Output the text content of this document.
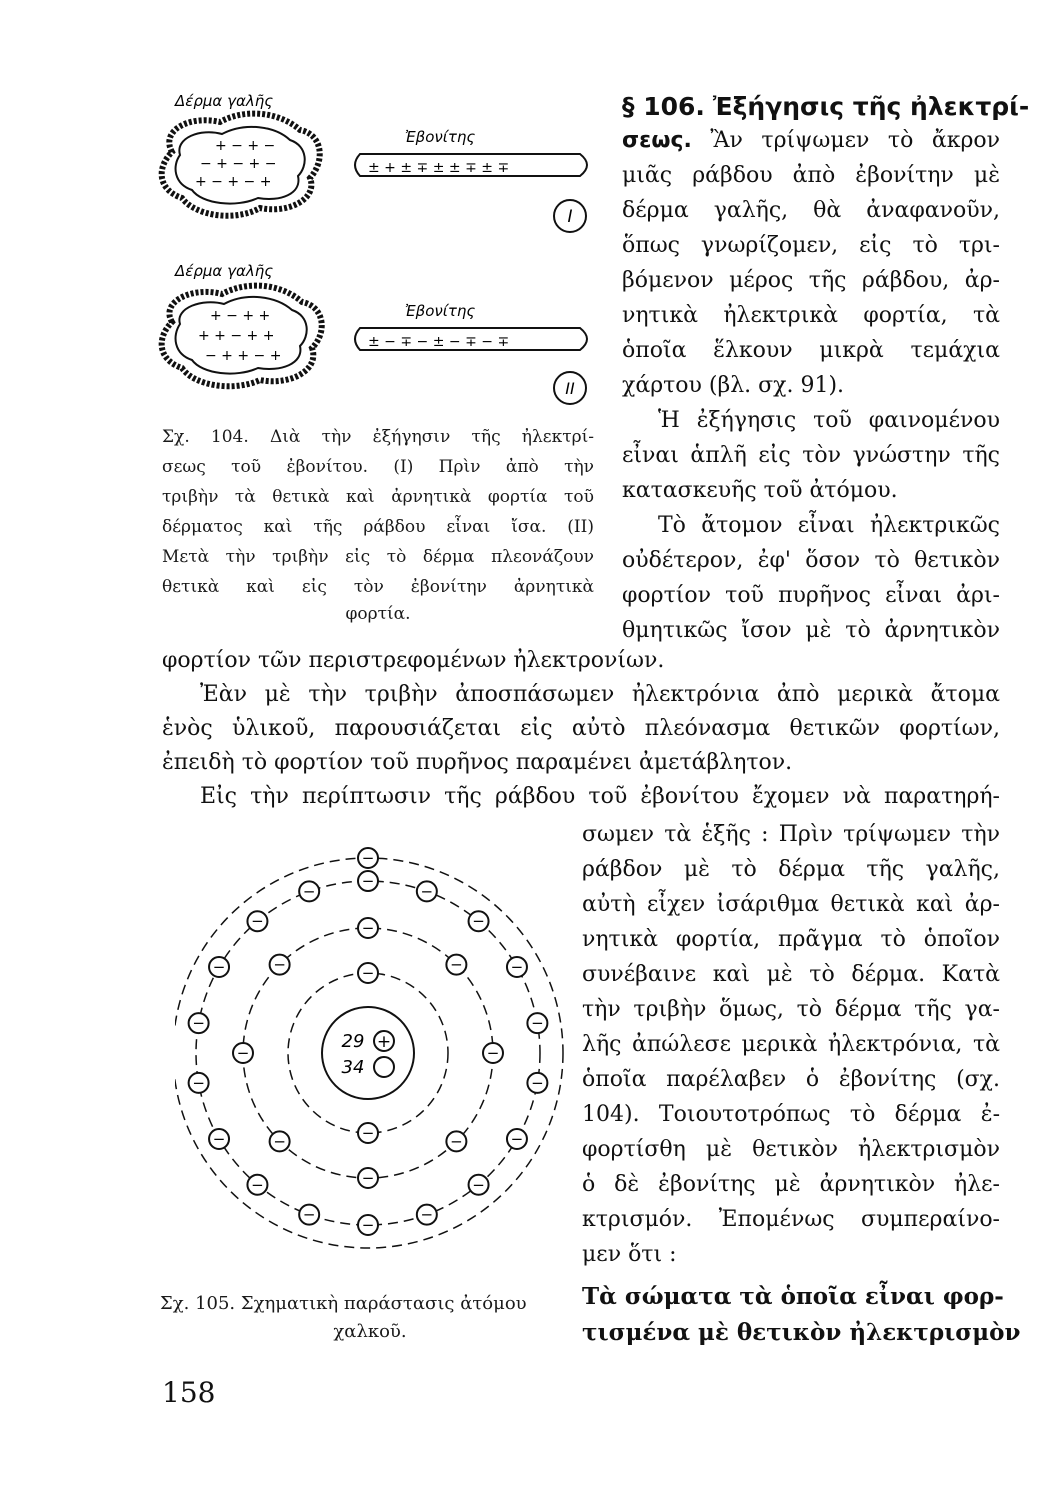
+ − + −
− + − + −
+ − + − +
Δέρμα γαλῆς
Ἐβονίτης
± + ± ∓ ± ± ∓ ± ∓
I
+ − + +
+ + − + +
− + + − +
Δέρμα γαλῆς
Ἐβονίτης
± − ∓ − ± − ∓ − ∓
II
Σχ. 104. Διὰ τὴν ἐξήγησιν τῆς ἠλεκτρί-
σεως τοῦ ἐβονίτου. (Ι) Πρὶν ἀπὸ τὴν
τριβὴν τὰ θετικὰ καὶ ἀρνητικὰ φορτία τοῦ
δέρματος καὶ τῆς ράβδου εἶναι ἴσα. (ΙΙ)
Μετὰ τὴν τριβὴν εἰς τὸ δέρμα πλεονάζουν
θετικὰ καὶ εἰς τὸν ἐβονίτην ἀρνητικὰ
φορτία.
§ 106. Ἐξήγησις τῆς ἠλεκτρί-
σεως. Ἂν τρίψωμεν τὸ ἄκρον
μιᾶς ράβδου ἀπὸ ἐβονίτην μὲ
δέρμα γαλῆς, θὰ ἀναφανοῦν,
ὅπως γνωρίζομεν, εἰς τὸ τρι-
βόμενον μέρος τῆς ράβδου, ἀρ-
νητικὰ ἠλεκτρικὰ φορτία, τὰ
ὁποῖα ἕλκουν μικρὰ τεμάχια
χάρτου (βλ. σχ. 91).
Ἡ ἐξήγησις τοῦ φαινομένου
εἶναι ἁπλῆ εἰς τὸν γνώστην τῆς
κατασκευῆς τοῦ ἀτόμου.
Τὸ ἄτομον εἶναι ἠλεκτρικῶς
οὐδέτερον, ἐφ' ὅσον τὸ θετικὸν
φορτίον τοῦ πυρῆνος εἶναι ἀρι-
θμητικῶς ἴσον μὲ τὸ ἀρνητικὸν
φορτίον τῶν περιστρεφομένων ἠλεκτρονίων.
Ἐὰν μὲ τὴν τριβὴν ἀποσπάσωμεν ἠλεκτρόνια ἀπὸ μερικὰ ἄτομα
ἑνὸς ὑλικοῦ, παρουσιάζεται εἰς αὐτὸ πλεόνασμα θετικῶν φορτίων,
ἐπειδὴ τὸ φορτίον τοῦ πυρῆνος παραμένει ἀμετάβλητον.
Εἰς τὴν περίπτωσιν τῆς ράβδου τοῦ ἐβονίτου ἔχομεν νὰ παρατηρή-
σωμεν τὰ ἑξῆς : Πρὶν τρίψωμεν τὴν
ράβδον μὲ τὸ δέρμα τῆς γαλῆς,
αὐτὴ εἶχεν ἰσάριθμα θετικὰ καὶ ἀρ-
νητικὰ φορτία, πρᾶγμα τὸ ὁποῖον
συνέβαινε καὶ μὲ τὸ δέρμα. Κατὰ
τὴν τριβὴν ὅμως, τὸ δέρμα τῆς γα-
λῆς ἀπώλεσε μερικὰ ἠλεκτρόνια, τὰ
ὁποῖα παρέλαβεν ὁ ἐβονίτης (σχ.
104). Τοιουτοτρόπως τὸ δέρμα ἐ-
φορτίσθη μὲ θετικὸν ἠλεκτρισμὸν
ὁ δὲ ἐβονίτης μὲ ἀρνητικὸν ἠλε-
κτρισμόν. Ἐπομένως συμπεραίνο-
μεν ὅτι :
Τὰ σώματα τὰ ὁποῖα εἶναι φορ-
τισμένα μὲ θετικὸν ἠλεκτρισμὸν
−
−
−
−
−
−
−
−
−
−
−
−
−
−
−
−
−
−
−
−
−
−
−
−
−
−
−
−
−
29 +
34
Σχ. 105. Σχηματικὴ παράστασις ἀτόμου
χαλκοῦ.
158
